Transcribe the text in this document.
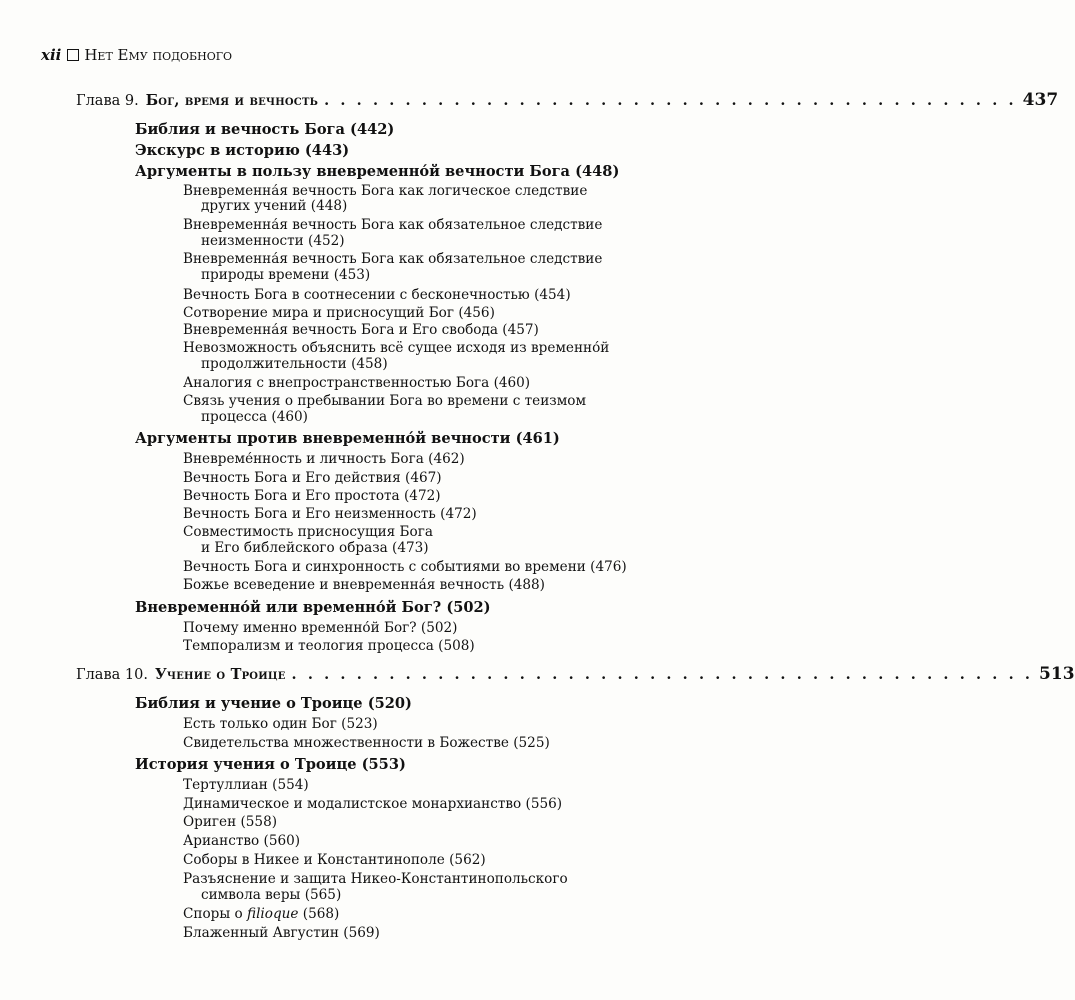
xii Нет Ему подобного
Глава 9. Бог, время и вечность . . . . . . . . . . . . . . . . . . . . . . . . . . . . . . . . . . . . . . . . . . . 437
Библия и вечность Бога (442)
Экскурс в историю (443)
Аргументы в пользу вневременно́й вечности Бога (448)
Вневременна́я вечность Бога как логическое следствие
других учений (448)
Вневременна́я вечность Бога как обязательное следствие
неизменности (452)
Вневременна́я вечность Бога как обязательное следствие
природы времени (453)
Вечность Бога в соотнесении с бесконечностью (454)
Сотворение мира и присносущий Бог (456)
Вневременна́я вечность Бога и Его свобода (457)
Невозможность объяснить всё сущее исходя из временно́й
продолжительности (458)
Аналогия с внепространственностью Бога (460)
Связь учения о пребывании Бога во времени с теизмом
процесса (460)
Аргументы против вневременно́й вечности (461)
Вневреме́нность и личность Бога (462)
Вечность Бога и Его действия (467)
Вечность Бога и Его простота (472)
Вечность Бога и Его неизменность (472)
Совместимость присносущия Бога
и Его библейского образа (473)
Вечность Бога и синхронность с событиями во времени (476)
Божье всеведение и вневременна́я вечность (488)
Вневременно́й или временно́й Бог? (502)
Почему именно временно́й Бог? (502)
Темпорализм и теология процесса (508)
Глава 10. Учение о Троице . . . . . . . . . . . . . . . . . . . . . . . . . . . . . . . . . . . . . . . . . . . . . . 513
Библия и учение о Троице (520)
Есть только один Бог (523)
Свидетельства множественности в Божестве (525)
История учения о Троице (553)
Тертуллиан (554)
Динамическое и модалистское монархианство (556)
Ориген (558)
Арианство (560)
Соборы в Никее и Константинополе (562)
Разъяснение и защита Никео-Константинопольского
символа веры (565)
Споры о filioque (568)
Блаженный Августин (569)
